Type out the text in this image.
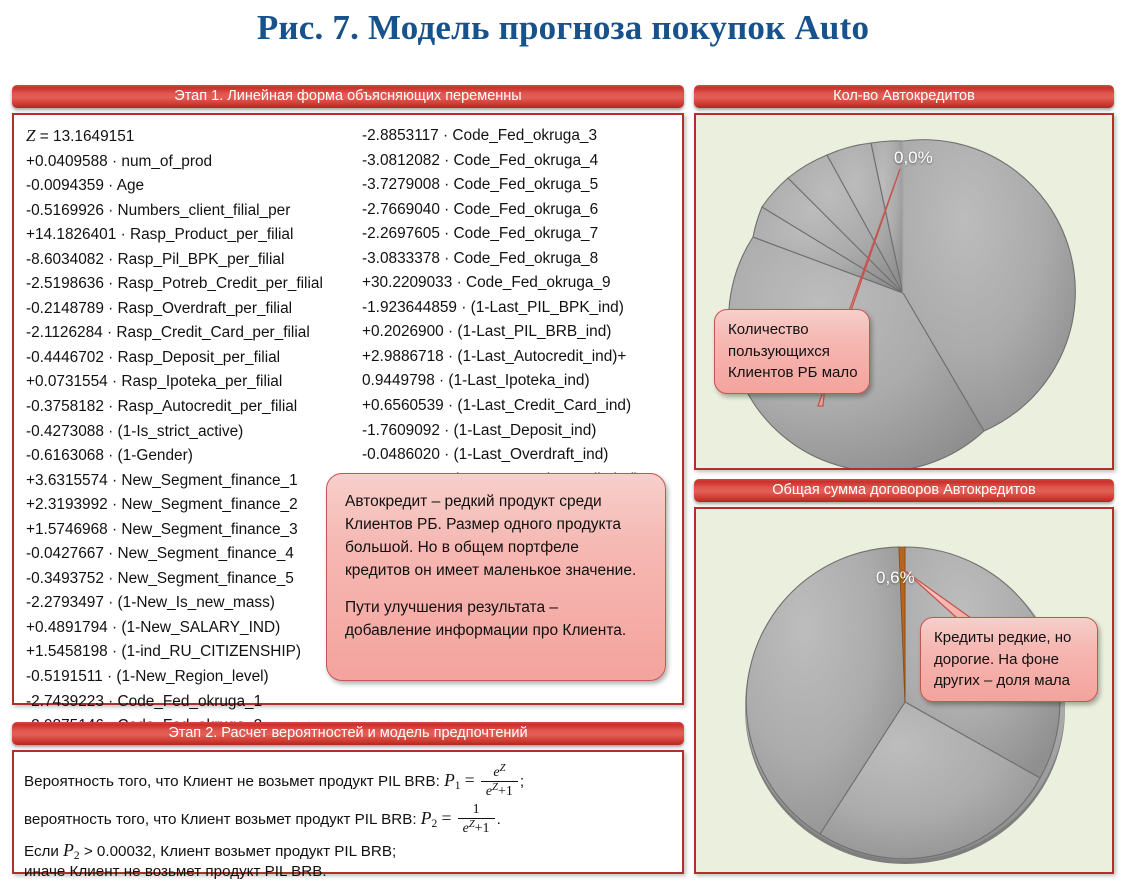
Рис. 7. Модель прогноза покупок Auto
Этап 1. Линейная форма объясняющих переменны
Z = 13.1649151
+0.0409588 · num_of_prod
-0.0094359 · Age
-0.5169926 · Numbers_client_filial_per
+14.1826401 · Rasp_Product_per_filial
-8.6034082 · Rasp_Pil_BPK_per_filial
-2.5198636 · Rasp_Potreb_Credit_per_filial
-0.2148789 · Rasp_Overdraft_per_filial
-2.1126284 · Rasp_Credit_Card_per_filial
-0.4446702 · Rasp_Deposit_per_filial
+0.0731554 · Rasp_Ipoteka_per_filial
-0.3758182 · Rasp_Autocredit_per_filial
-0.4273088 · (1-Is_strict_active)
-0.6163068 · (1-Gender)
+3.6315574 · New_Segment_finance_1
+2.3193992 · New_Segment_finance_2
+1.5746968 · New_Segment_finance_3
-0.0427667 · New_Segment_finance_4
-0.3493752 · New_Segment_finance_5
-2.2793497 · (1-New_Is_new_mass)
+0.4891794 · (1-New_SALARY_IND)
+1.5458198 · (1-ind_RU_CITIZENSHIP)
-0.5191511 · (1-New_Region_level)
-2.7439223 · Code_Fed_okruga_1
-2.8853117 · Code_Fed_okruga_3
-3.0812082 · Code_Fed_okruga_4
-3.7279008 · Code_Fed_okruga_5
-2.7669040 · Code_Fed_okruga_6
-2.2697605 · Code_Fed_okruga_7
-3.0833378 · Code_Fed_okruga_8
+30.2209033 · Code_Fed_okruga_9
-1.923644859 · (1-Last_PIL_BPK_ind)
+0.2026900 · (1-Last_PIL_BRB_ind)
+2.9886718 · (1-Last_Autocredit_ind)+
0.9449798 · (1-Last_Ipoteka_ind)
+0.6560539 · (1-Last_Credit_Card_ind)
-1.7609092 · (1-Last_Deposit_ind)
-0.0486020 · (1-Last_Overdraft_ind)

Автокредит – редкий продукт среди Клиентов РБ. Размер одного продукта большой. Но в общем портфеле кредитов он имеет маленькое значение.

Пути улучшения результата – добавление информации про Клиента.

Этап 2. Расчет вероятностей и модель предпочтений
Вероятность того, что Клиент не возьмет продукт PIL BRB: $P1 = \frac{e^Z}{e^Z+1}$ ;
вероятность того, что Клиент возьмет продукт PIL BRB: $P2 = \frac{1}{e^Z+1}$ .
Если P2 > 0.00032, Клиент возьмет продукт PIL BRB;
иначе Клиент не возьмет продукт PIL BRB.
Кол-во Автокредитов
0,0%
Количество
пользующихся
Клиентов РБ мало
Общая сумма договоров Автокредитов
0,6%
Кредиты редкие, но
дорогие. На фоне
других – доля мала
